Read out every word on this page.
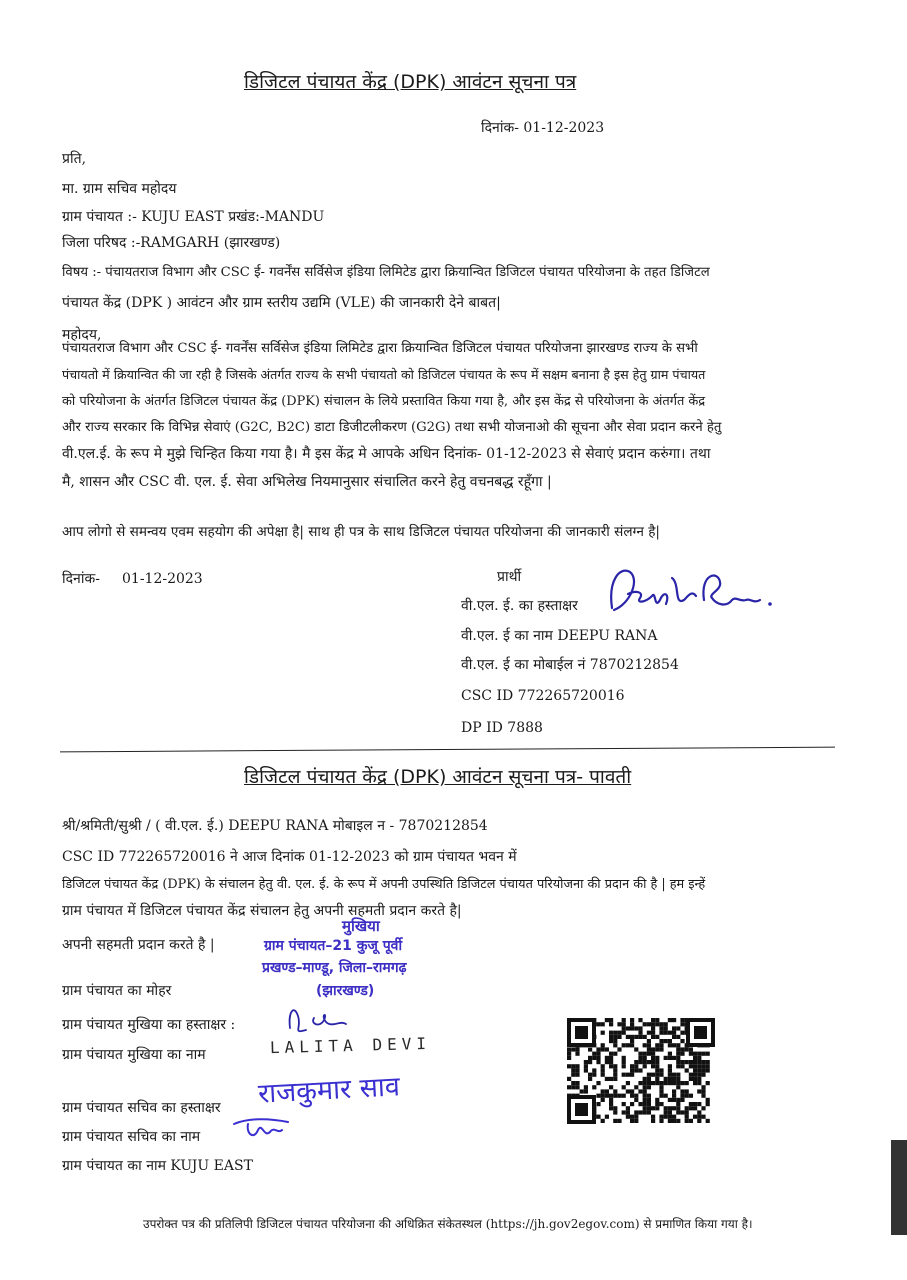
डिजिटल पंचायत केंद्र (DPK) आवंटन सूचना पत्र
दिनांक- 01-12-2023
प्रति,
मा. ग्राम सचिव महोदय
ग्राम पंचायत :- KUJU EAST प्रखंड:-MANDU
जिला परिषद :-RAMGARH (झारखण्ड)
विषय :- पंचायतराज विभाग और CSC ई- गवर्नेंस सर्विसेज इंडिया लिमिटेड द्वारा क्रियान्वित डिजिटल पंचायत परियोजना के तहत डिजिटल
पंचायत केंद्र (DPK ) आवंटन और ग्राम स्तरीय उद्यमि (VLE) की जानकारी देने बाबत|
महोदय,
पंचायतराज विभाग और CSC ई- गवर्नेंस सर्विसेज इंडिया लिमिटेड द्वारा क्रियान्वित डिजिटल पंचायत परियोजना झारखण्ड राज्य के सभी
पंचायतो में क्रियान्वित की जा रही है जिसके अंतर्गत राज्य के सभी पंचायतो को डिजिटल पंचायत के रूप में सक्षम बनाना है इस हेतु ग्राम पंचायत
को परियोजना के अंतर्गत डिजिटल पंचायत केंद्र (DPK) संचालन के लिये प्रस्तावित किया गया है, और इस केंद्र से परियोजना के अंतर्गत केंद्र
और राज्य सरकार कि विभिन्न सेवाएं (G2C, B2C) डाटा डिजीटलीकरण (G2G) तथा सभी योजनाओ की सूचना और सेवा प्रदान करने हेतु
वी.एल.ई. के रूप मे मुझे चिन्हित किया गया है। मै इस केंद्र मे आपके अधिन दिनांक- 01-12-2023 से सेवाएं प्रदान करुंगा। तथा
मै, शासन और CSC वी. एल. ई. सेवा अभिलेख नियमानुसार संचालित करने हेतु वचनबद्ध रहूँगा |
आप लोगो से समन्वय एवम सहयोग की अपेक्षा है| साथ ही पत्र के साथ डिजिटल पंचायत परियोजना की जानकारी संलग्न है|
दिनांक- 01-12-2023	प्रार्थी
वी.एल. ई. का हस्ताक्षर
वी.एल. ई का नाम DEEPU RANA
वी.एल. ई का मोबाईल नं 7870212854
CSC ID 772265720016
DP ID 7888
डिजिटल पंचायत केंद्र (DPK) आवंटन सूचना पत्र- पावती
श्री/श्रमिती/सुश्री / ( वी.एल. ई.) DEEPU RANA मोबाइल न - 7870212854
CSC ID 772265720016 ने आज दिनांक 01-12-2023 को ग्राम पंचायत भवन में
डिजिटल पंचायत केंद्र (DPK) के संचालन हेतु वी. एल. ई. के रूप में अपनी उपस्थिति डिजिटल पंचायत परियोजना की प्रदान की है | हम इन्हें
ग्राम पंचायत में डिजिटल पंचायत केंद्र संचालन हेतु अपनी सहमती प्रदान करते है|
अपनी सहमती प्रदान करते है |
मुखिया
ग्राम पंचायत–21 कुजू पूर्वी
प्रखण्ड–माण्डू, जिला–रामगढ़
(झारखण्ड)
ग्राम पंचायत का मोहर
ग्राम पंचायत मुखिया का हस्ताक्षर :
ग्राम पंचायत मुखिया का नाम	LALITA DEVI
ग्राम पंचायत सचिव का हस्ताक्षर राजकुमार साव
ग्राम पंचायत सचिव का नाम
ग्राम पंचायत का नाम KUJU EAST
उपरोक्त पत्र की प्रतिलिपी डिजिटल पंचायत परियोजना की अधिक्रित संकेतस्थल (https://jh.gov2egov.com) से प्रमाणित किया गया है।
